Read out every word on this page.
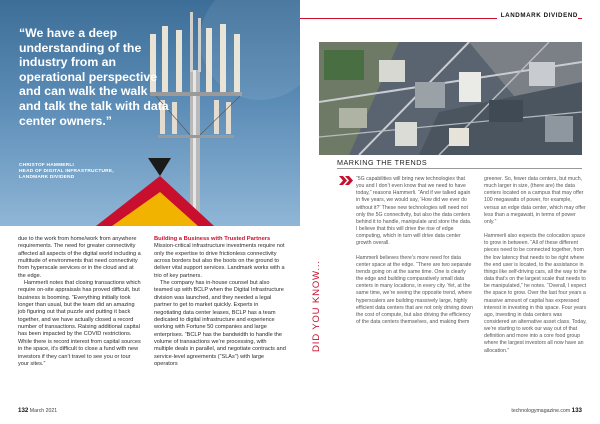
“We have a deep understanding of the industry from an operational perspective and can walk the walk and talk the talk with data center owners.”
CHRISTOF HAMMERLI
HEAD OF DIGITAL INFRASTRUCTURE, LANDMARK DIVIDEND

due to the work from home/work from anywhere requirements. The need for greater connectivity affected all aspects of the digital world including a multitude of environments that need connectivity from hyperscale services or in the cloud and at the edge.

Hammerli notes that closing transactions which require on-site appraisals has proved difficult, but business is booming. “Everything initially took longer than usual, but the team did an amazing job figuring out that puzzle and putting it back together, and we have actually closed a record number of transactions. Raising additional capital has been impacted by the COVID restrictions. While there is record interest from capital sources in the space, it’s difficult to close a fund with new investors if they can’t travel to see you or tour your sites.”

Building a Business with Trusted Partners

Mission-critical infrastructure investments require not only the expertise to drive frictionless connectivity across borders but also the boots on the ground to deliver vital support services. Landmark works with a trio of key partners.

The company has in-house counsel but also teamed up with BCLP when the Digital Infrastructure division was launched, and they needed a legal partner to get to market quickly. Experts in negotiating data center leases, BCLP has a team dedicated to digital infrastructure and experience working with Fortune 50 companies and large enterprises. “BCLP has the bandwidth to handle the volume of transactions we’re processing, with multiple deals in parallel, and negotiate contracts and service-level agreements (“SLAs”) with large operators

132 March 2021
LANDMARK DIVIDEND
MARKING THE TRENDS
DID YOU KNOW...

“5G capabilities will bring new technologies that you and I don’t even know that we need to have today,” reasons Hammerli. “And if we talked again in five years, we would say, ‘How did we ever do without it?’ These new technologies will need not only the 5G connectivity, but also the data centers behind it to handle, manipulate and store the data. I believe that this will drive the rise of edge computing, which in turn will drive data center growth overall.

Hammerli believes there’s more need for data center space at the edge. “There are two separate trends going on at the same time. One is clearly the edge and building comparatively small data centers in many locations, in every city. Yet, at the same time, we’re seeing the opposite trend, where hyperscalers are building massively large, highly efficient data centers that are not only driving down the cost of compute, but also driving the efficiency of the data centers themselves, and making them

greener. So, fewer data centers, but much, much larger in size, (there are) the data centers located on a campus that may offer 100 megawatts of power, for example, versus an edge data center, which may offer less than a megawatt, in terms of power only.”

Hammerli also expects the colocation space to grow in between. “All of these different pieces need to be connected together, from the low latency that needs to be right where the end user is located, to the assistance in things like self-driving cars, all the way to the data that’s on the largest scale that needs to be manipulated,” he notes. “Overall, I expect the space to grow. Over the last four years a massive amount of capital has expressed interest in investing in this space. Four years ago, investing in data centers was considered an alternative asset class. Today, we’re starting to work our way out of that definition and more into a core food group where the largest investors all now have an allocation.”

technologymagazine.com 133
